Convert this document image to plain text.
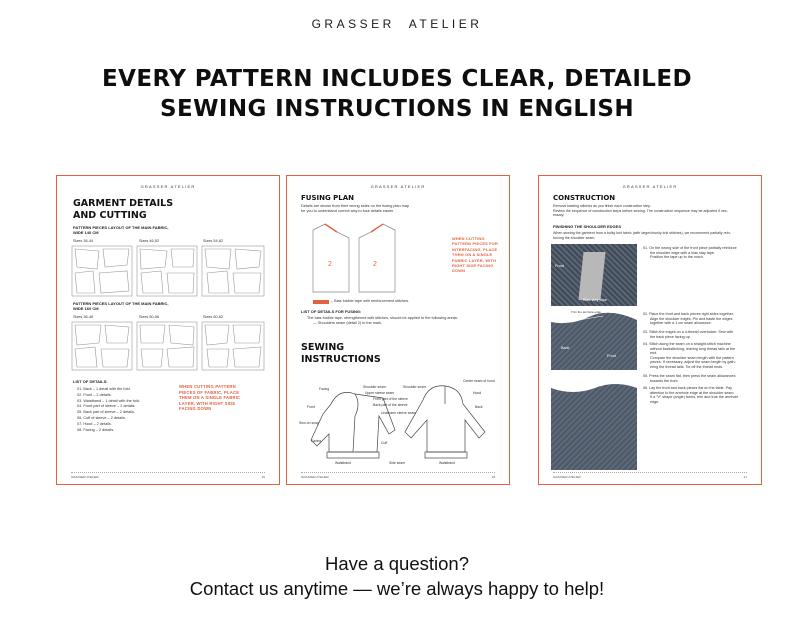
GRASSER ATELIER
EVERY PATTERN INCLUDES CLEAR, DETAILED
SEWING INSTRUCTIONS IN ENGLISH
GRASSER ATELIER
GARMENT DETAILS
AND CUTTING
PATTERN PIECES LAYOUT OF THE MAIN FABRIC,
WIDE 140 CM
Sizes 36-44	Sizes 46-52	Sizes 54-62
PATTERN PIECES LAYOUT OF THE MAIN FABRIC,
WIDE 160 CM
Sizes 36-46	Sizes 50-56	Sizes 60-62
LIST OF DETAILS:
01. Back – 1 detail with the fold.
02. Front – 2 details.
03. Waistband – 1 detail with the fold.
04. Front part of sleeve – 2 details.
05. Back part of sleeve – 2 details.
06. Cuff of sleeve – 2 details.
07. Hood – 2 details.
08. Facing – 2 details.
WHEN CUTTING PATTERN
PIECES OF FABRIC, PLACE
THEM ON A SINGLE FABRIC
LAYER, WITH RIGHT SIDE
FACING DOWN
GRASSER ATELIER	16
GRASSER ATELIER
FUSING PLAN
Details are shown from their wrong sides on the fusing plan map
for you to understand correct way to fuse details easier
2	2
WHEN CUTTING
PATTERN PIECES FOR
INTERFACING, PLACE
THEM ON A SINGLE
FABRIC LAYER, WITH
RIGHT SIDE FACING
DOWN
– Bias fusible tape with reinforcement stitches.
LIST OF DETAILS FOR FUSING:
The bias fusible tape, strengthened with stitches, should be applied to the following areas:
— Shoulders seam (detail 2) to the mark.
SEWING
INSTRUCTIONS
Facing
Front
Sew-on snap
Facing
Shoulder seam
Upper sleeve seam
Front part of the sleeve
Back part of the sleeve
Underarm sleeve seam
Cuff
Waistband	Side seam
Shoulder seam
Center seam of hood
Hood
Back
Waistband
GRASSER ATELIER	18
GRASSER ATELIER
CONSTRUCTION
Remove basting stitches as you finish each construction step.
Review the sequence of construction steps before sewing. The construction sequence may be adjusted if nec-
essary.
FINISHING THE SHOULDER EDGES
When sewing the garment from a bulky knit fabric (with large/chunky knit stitches), we recommend partially rein-
forcing the shoulder seam.
Front
Bias stay tape
Trim the armhole edge
Back
Front
01. On the wrong side of the front piece partially reinforce
the shoulder edge with a bias stay tape.
Position the tape up to the notch.
02. Place the front and back pieces right sides together.
Align the shoulder edges. Pin and baste the edges
together with a 1 cm seam allowance.
03. Stitch the edges on a 4-thread overlocker. Sew with
the back piece facing up.
04. Stitch along the seam on a straight-stitch machine
without backstitching, leaving long thread tails at the
end.
Compare the shoulder seam length with the pattern
pieces. If necessary, adjust the seam length by gath-
ering the thread tails. Tie off the thread ends.
05. Press the seam flat, then press the seam allowances
towards the front.
06. Lay the front and back pieces flat on the table. Pay
attention to the armhole edge at the shoulder seam.
If a "V" shape (angle) forms, trim and true the armhole
edge.
GRASSER ATELIER	27
Have a question?
Contact us anytime — we’re always happy to help!
